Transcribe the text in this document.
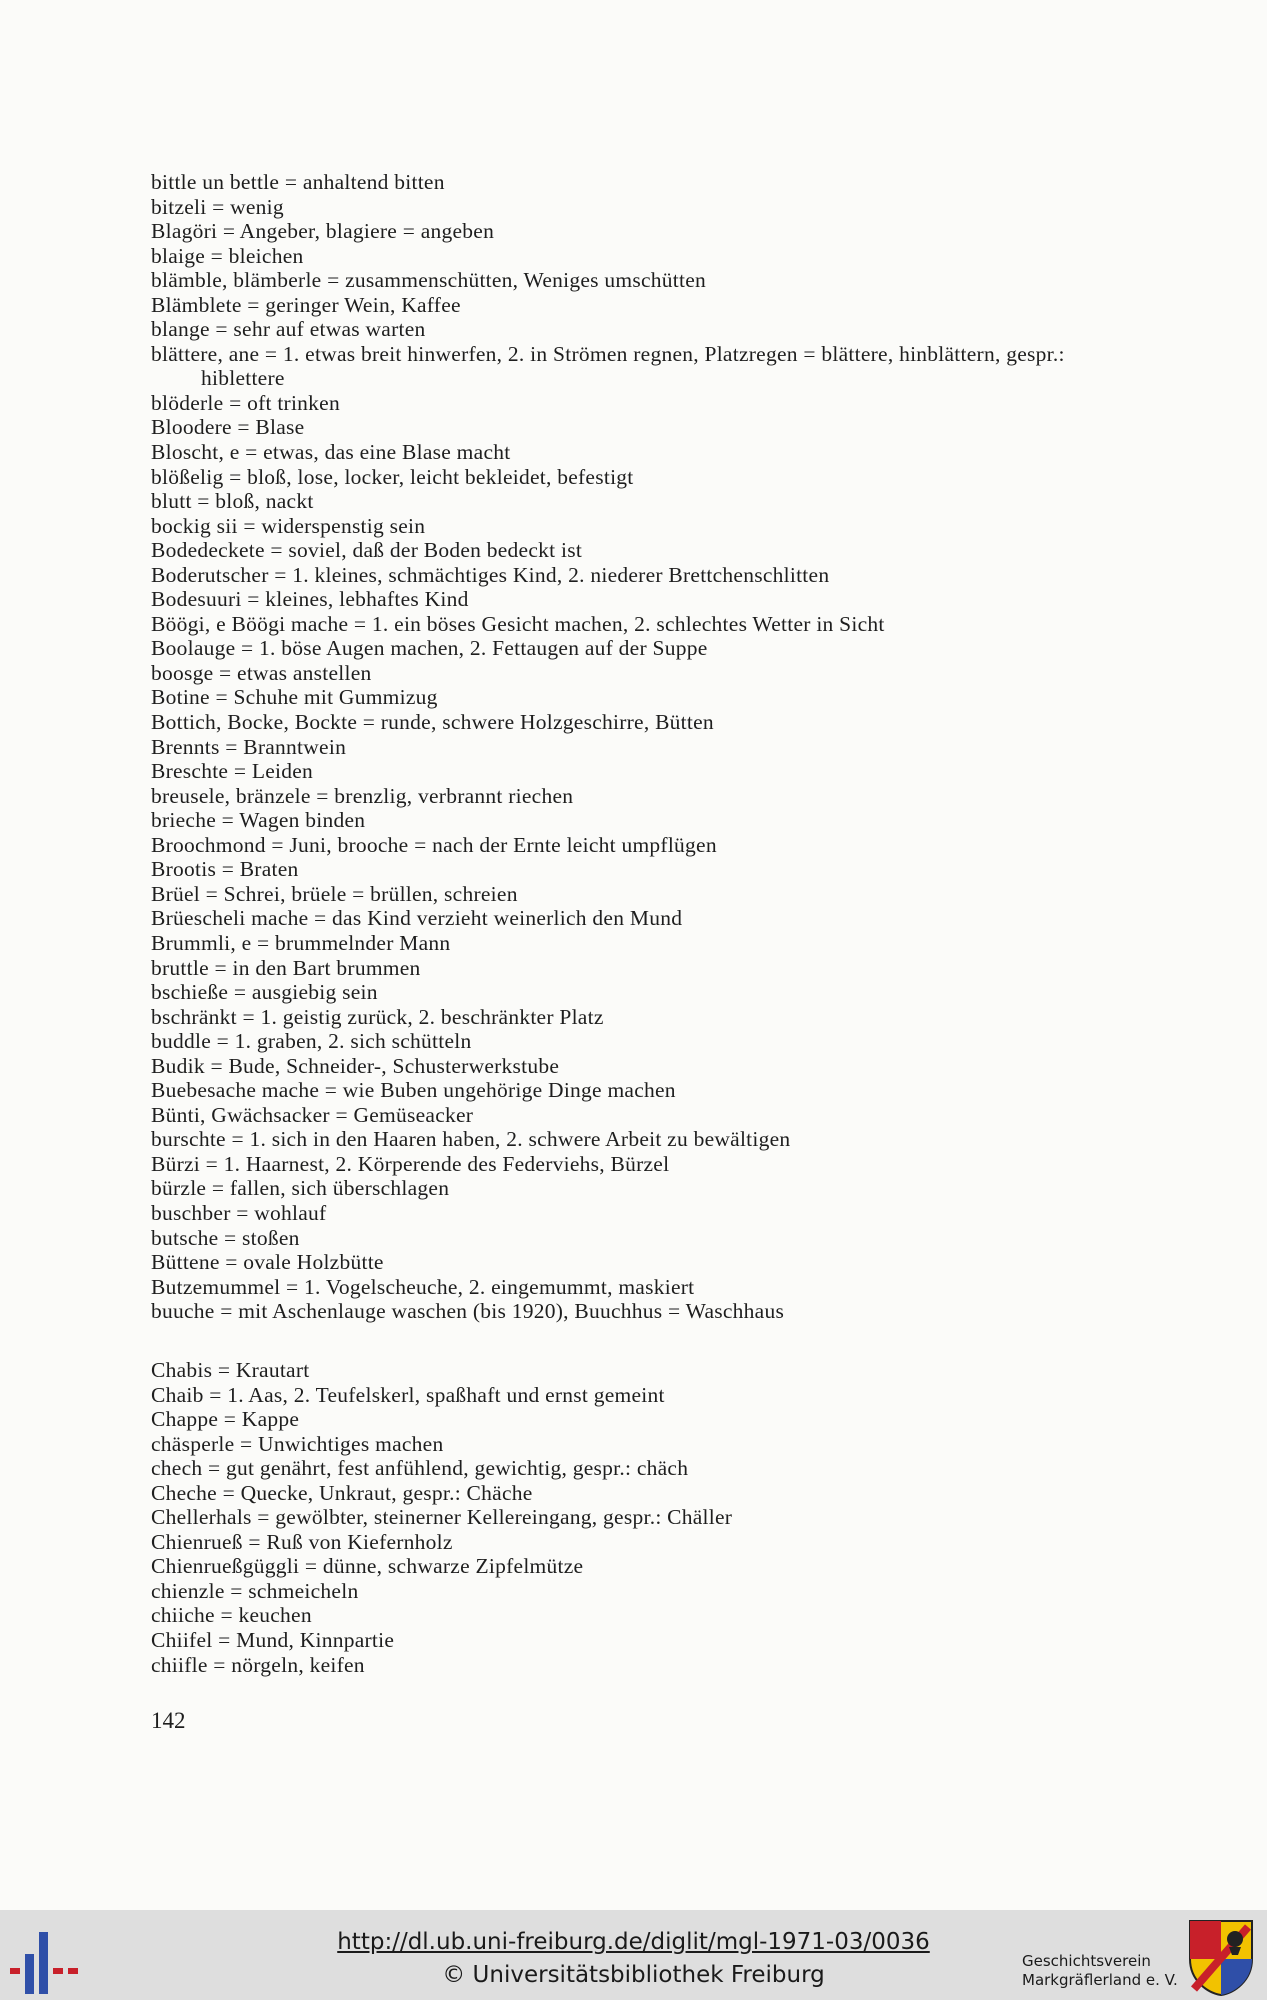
bittle un bettle = anhaltend bitten
bitzeli = wenig
Blagöri = Angeber, blagiere = angeben
blaige = bleichen
blämble, blämberle = zusammenschütten, Weniges umschütten
Blämblete = geringer Wein, Kaffee
blange = sehr auf etwas warten
blättere, ane = 1. etwas breit hinwerfen, 2. in Strömen regnen, Platzregen = blättere, hinblättern, gespr.: hiblettere
blöderle = oft trinken
Bloodere = Blase
Bloscht, e = etwas, das eine Blase macht
blößelig = bloß, lose, locker, leicht bekleidet, befestigt
blutt = bloß, nackt
bockig sii = widerspenstig sein
Bodedeckete = soviel, daß der Boden bedeckt ist
Boderutscher = 1. kleines, schmächtiges Kind, 2. niederer Brettchenschlitten
Bodesuuri = kleines, lebhaftes Kind
Böögi, e Böögi mache = 1. ein böses Gesicht machen, 2. schlechtes Wetter in Sicht
Boolauge = 1. böse Augen machen, 2. Fettaugen auf der Suppe
boosge = etwas anstellen
Botine = Schuhe mit Gummizug
Bottich, Bocke, Bockte = runde, schwere Holzgeschirre, Bütten
Brennts = Branntwein
Breschte = Leiden
breusele, bränzele = brenzlig, verbrannt riechen
brieche = Wagen binden
Broochmond = Juni, brooche = nach der Ernte leicht umpflügen
Brootis = Braten
Brüel = Schrei, brüele = brüllen, schreien
Brüescheli mache = das Kind verzieht weinerlich den Mund
Brummli, e = brummelnder Mann
bruttle = in den Bart brummen
bschieße = ausgiebig sein
bschränkt = 1. geistig zurück, 2. beschränkter Platz
buddle = 1. graben, 2. sich schütteln
Budik = Bude, Schneider-, Schusterwerkstube
Buebesache mache = wie Buben ungehörige Dinge machen
Bünti, Gwächsacker = Gemüseacker
burschte = 1. sich in den Haaren haben, 2. schwere Arbeit zu bewältigen
Bürzi = 1. Haarnest, 2. Körperende des Federviehs, Bürzel
bürzle = fallen, sich überschlagen
buschber = wohlauf
butsche = stoßen
Büttene = ovale Holzbütte
Butzemummel = 1. Vogelscheuche, 2. eingemummt, maskiert
buuche = mit Aschenlauge waschen (bis 1920), Buuchhus = Waschhaus
Chabis = Krautart
Chaib = 1. Aas, 2. Teufelskerl, spaßhaft und ernst gemeint
Chappe = Kappe
chäsperle = Unwichtiges machen
chech = gut genährt, fest anfühlend, gewichtig, gespr.: chäch
Cheche = Quecke, Unkraut, gespr.: Chäche
Chellerhals = gewölbter, steinerner Kellereingang, gespr.: Chäller
Chienrueß = Ruß von Kiefernholz
Chienrueßgüggli = dünne, schwarze Zipfelmütze
chienzle = schmeicheln
chiiche = keuchen
Chiifel = Mund, Kinnpartie
chiifle = nörgeln, keifen
142
http://dl.ub.uni-freiburg.de/diglit/mgl-1971-03/0036
© Universitätsbibliothek Freiburg
Geschichtsverein
Markgräflerland e. V.
